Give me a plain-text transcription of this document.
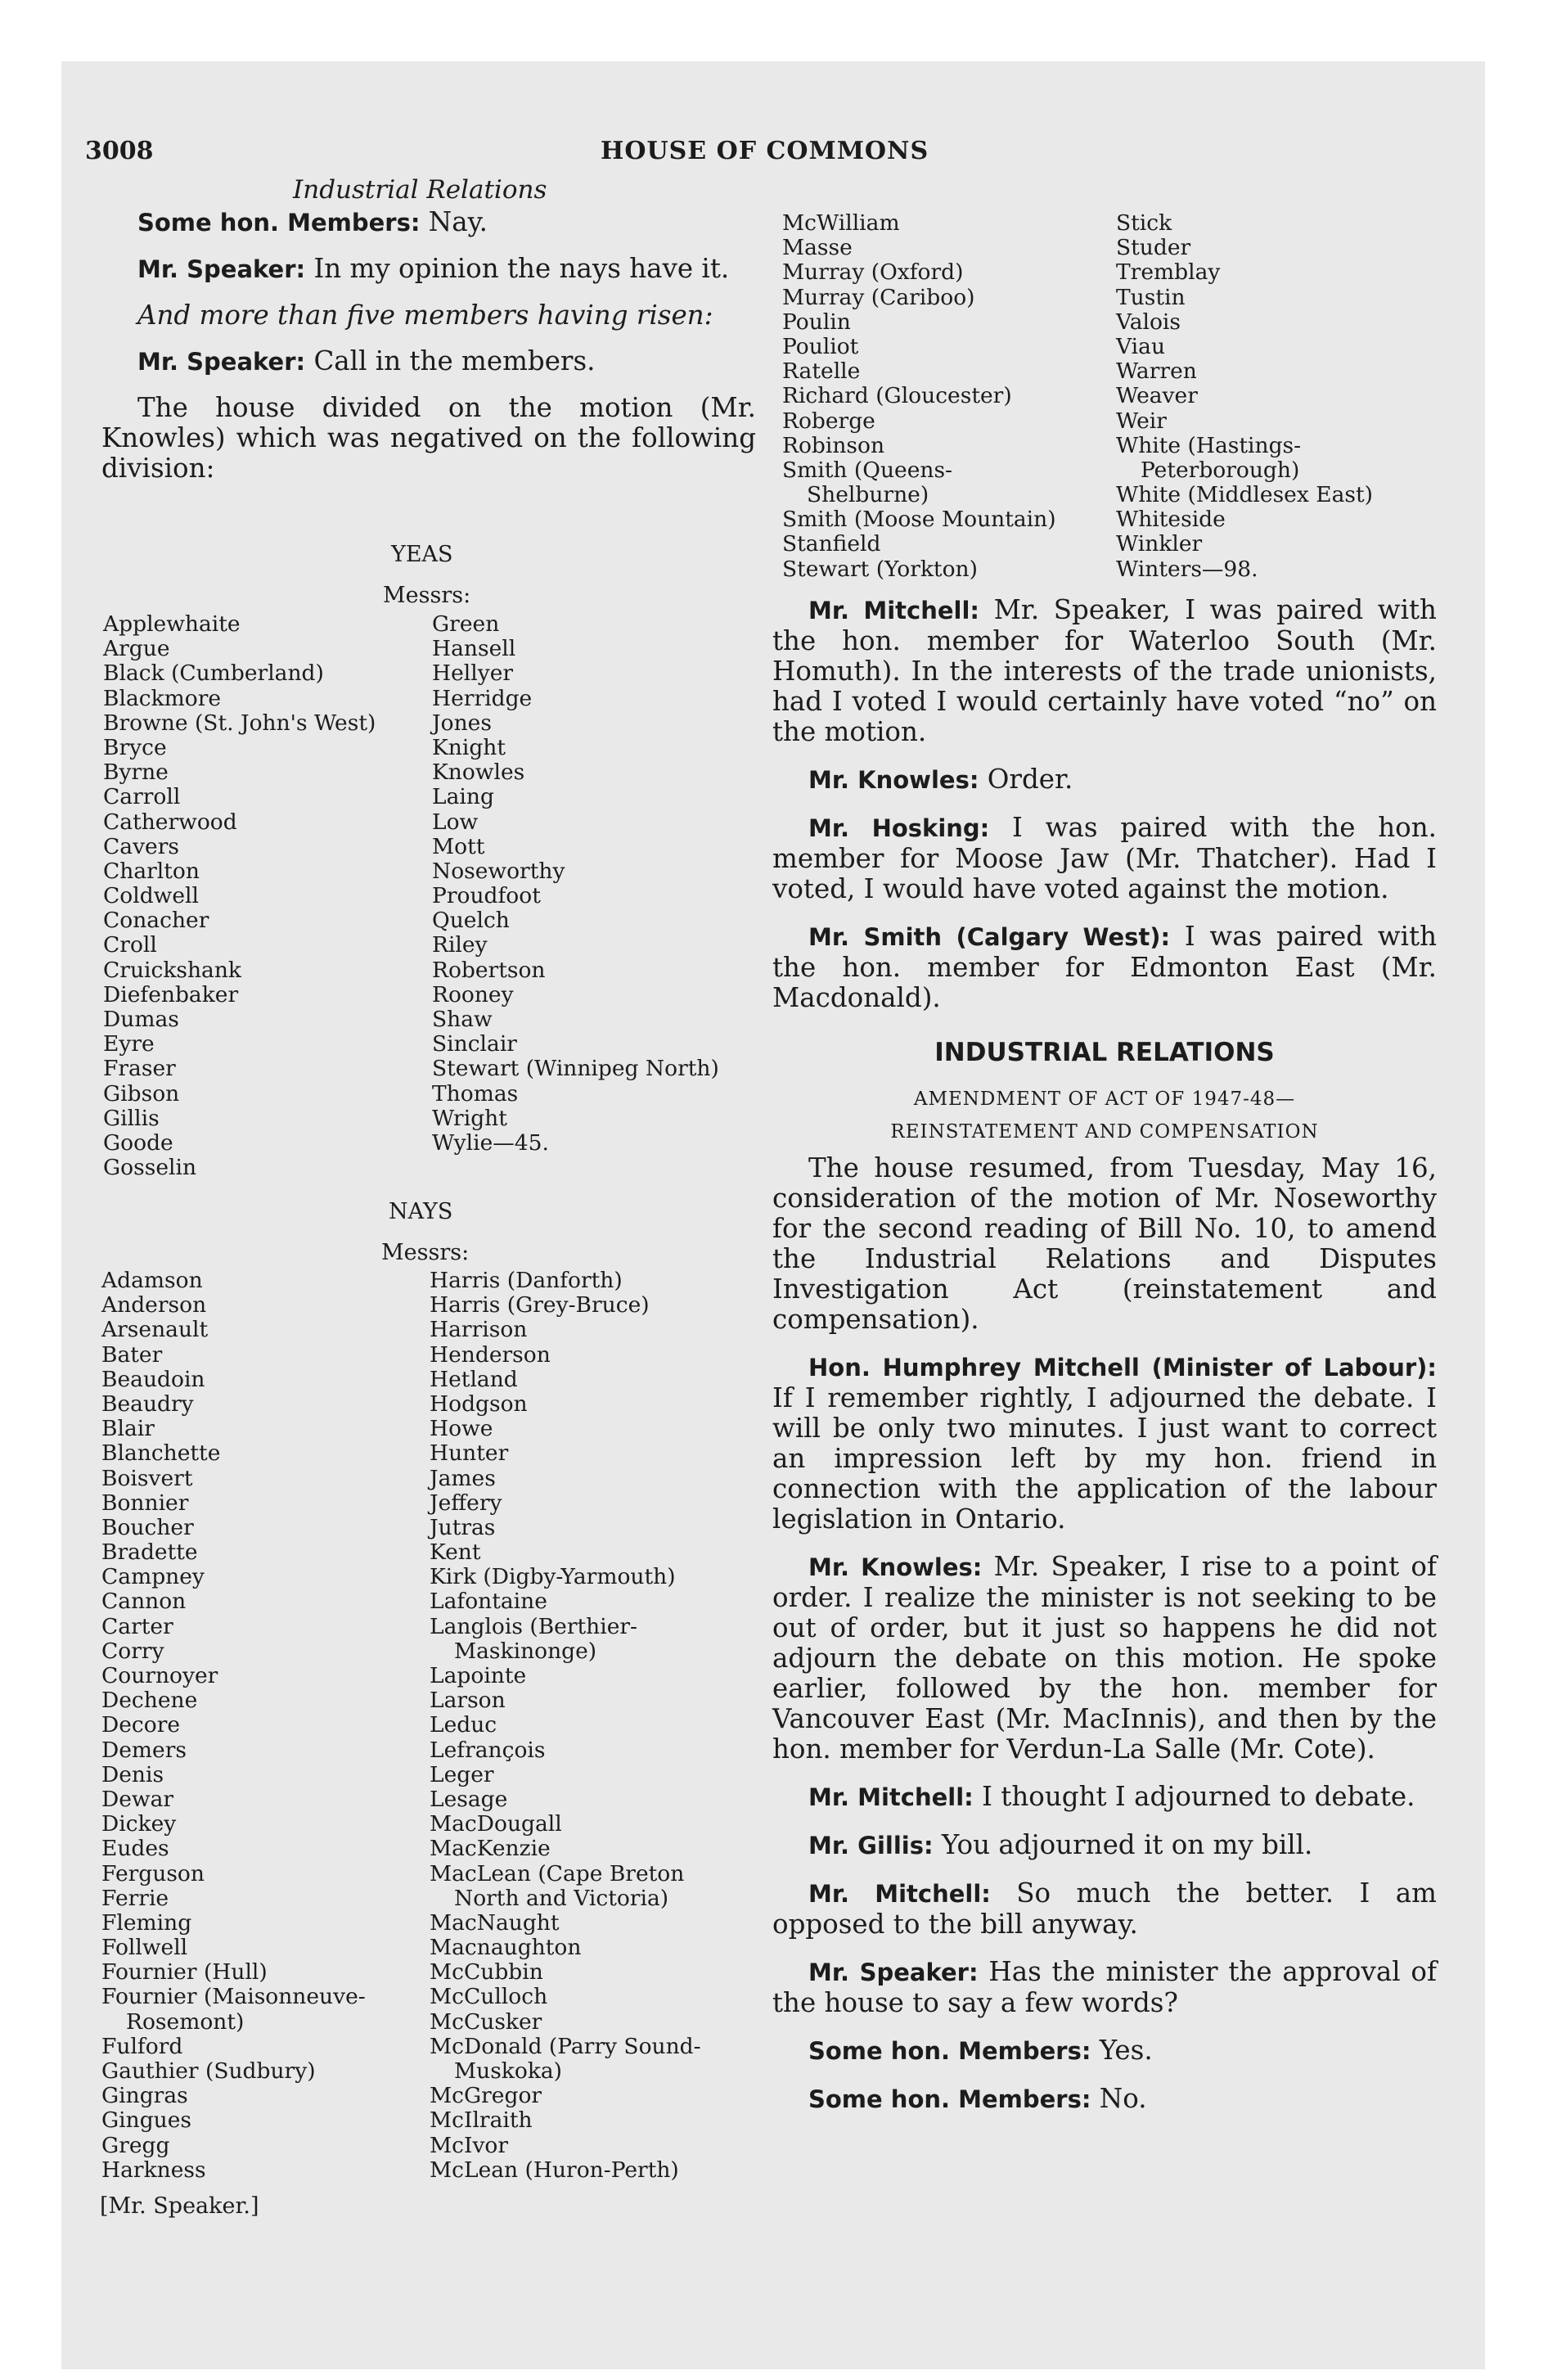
3008	HOUSE OF COMMONS
Industrial Relations

Some hon. Members: Nay.

Mr. Speaker: In my opinion the nays have it.

And more than five members having risen:

Mr. Speaker: Call in the members.

The house divided on the motion (Mr. Knowles) which was negatived on the following division:

YEAS
Messrs:
Applewhaite
Argue
Black (Cumberland)
Blackmore
Browne (St. John's West)
Bryce
Byrne
Carroll
Catherwood
Cavers
Charlton
Coldwell
Conacher
Croll
Cruickshank
Diefenbaker
Dumas
Eyre
Fraser
Gibson
Gillis
Goode
Gosselin
Green
Hansell
Hellyer
Herridge
Jones
Knight
Knowles
Laing
Low
Mott
Noseworthy
Proudfoot
Quelch
Riley
Robertson
Rooney
Shaw
Sinclair
Stewart (Winnipeg North)
Thomas
Wright
Wylie—45.
NAYS
Messrs:
Adamson
Anderson
Arsenault
Bater
Beaudoin
Beaudry
Blair
Blanchette
Boisvert
Bonnier
Boucher
Bradette
Campney
Cannon
Carter
Corry
Cournoyer
Dechene
Decore
Demers
Denis
Dewar
Dickey
Eudes
Ferguson
Ferrie
Fleming
Follwell
Fournier (Hull)
Fournier (Maisonneuve-
Rosemont)
Fulford
Gauthier (Sudbury)
Gingras
Gingues
Gregg
Harkness
Harris (Danforth)
Harris (Grey-Bruce)
Harrison
Henderson
Hetland
Hodgson
Howe
Hunter
James
Jeffery
Jutras
Kent
Kirk (Digby-Yarmouth)
Lafontaine
Langlois (Berthier-
Maskinonge)
Lapointe
Larson
Leduc
Lefrançois
Leger
Lesage
MacDougall
MacKenzie
MacLean (Cape Breton
North and Victoria)
MacNaught
Macnaughton
McCubbin
McCulloch
McCusker
McDonald (Parry Sound-
Muskoka)
McGregor
McIlraith
McIvor
McLean (Huron-Perth)
McWilliam
Masse
Murray (Oxford)
Murray (Cariboo)
Poulin
Pouliot
Ratelle
Richard (Gloucester)
Roberge
Robinson
Smith (Queens-
Shelburne)
Smith (Moose Mountain)
Stanfield
Stewart (Yorkton)
Stick
Studer
Tremblay
Tustin
Valois
Viau
Warren
Weaver
Weir
White (Hastings-
Peterborough)
White (Middlesex East)
Whiteside
Winkler
Winters—98.

Mr. Mitchell: Mr. Speaker, I was paired with the hon. member for Waterloo South (Mr. Homuth). In the interests of the trade unionists, had I voted I would certainly have voted “no” on the motion.

Mr. Knowles: Order.

Mr. Hosking: I was paired with the hon. member for Moose Jaw (Mr. Thatcher). Had I voted, I would have voted against the motion.

Mr. Smith (Calgary West): I was paired with the hon. member for Edmonton East (Mr. Macdonald).

INDUSTRIAL RELATIONS

AMENDMENT OF ACT OF 1947-48—
REINSTATEMENT AND COMPENSATION

The house resumed, from Tuesday, May 16, consideration of the motion of Mr. Noseworthy for the second reading of Bill No. 10, to amend the Industrial Relations and Disputes Investigation Act (reinstatement and compensation).

Hon. Humphrey Mitchell (Minister of Labour): If I remember rightly, I adjourned the debate. I will be only two minutes. I just want to correct an impression left by my hon. friend in connection with the application of the labour legislation in Ontario.

Mr. Knowles: Mr. Speaker, I rise to a point of order. I realize the minister is not seeking to be out of order, but it just so happens he did not adjourn the debate on this motion. He spoke earlier, followed by the hon. member for Vancouver East (Mr. MacInnis), and then by the hon. member for Verdun-La Salle (Mr. Cote).

Mr. Mitchell: I thought I adjourned to debate.

Mr. Gillis: You adjourned it on my bill.

Mr. Mitchell: So much the better. I am opposed to the bill anyway.

Mr. Speaker: Has the minister the approval of the house to say a few words?

Some hon. Members: Yes.

Some hon. Members: No.

[Mr. Speaker.]
